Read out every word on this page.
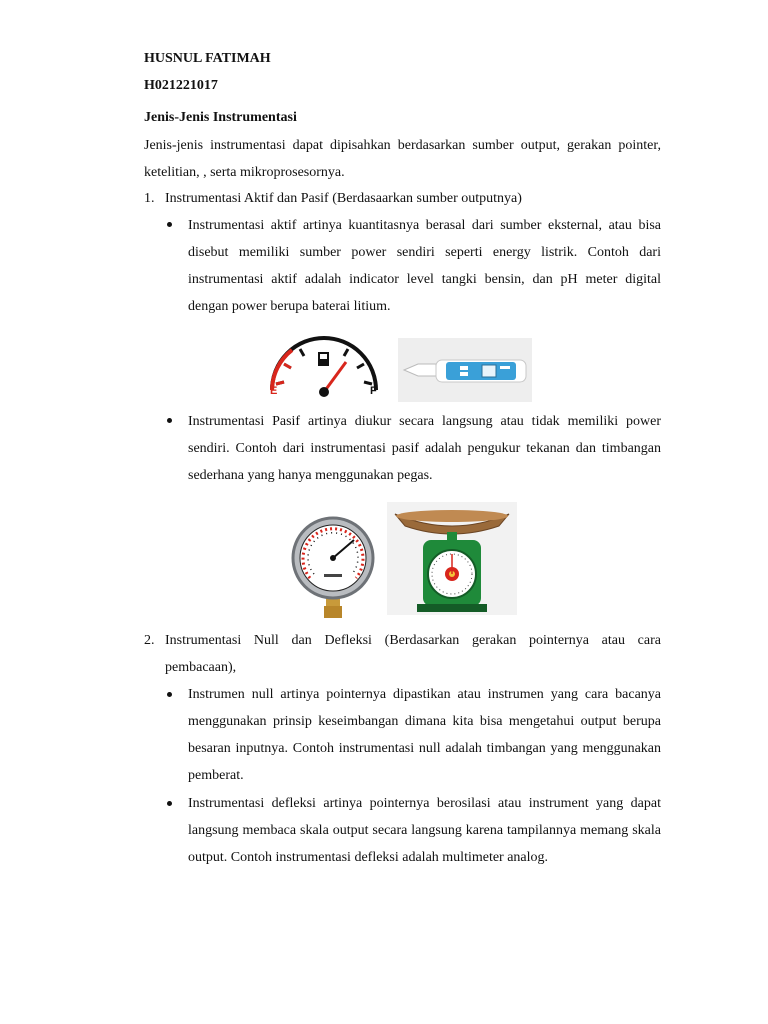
HUSNUL FATIMAH
H021221017
Jenis-Jenis Instrumentasi
Jenis-jenis instrumentasi dapat dipisahkan berdasarkan sumber output, gerakan pointer, ketelitian, , serta mikroprosesornya.
1. Instrumentasi Aktif dan Pasif (Berdasaarkan sumber outputnya)
Instrumentasi aktif artinya kuantitasnya berasal dari sumber eksternal, atau bisa disebut memiliki sumber power sendiri seperti energy listrik. Contoh dari instrumentasi aktif adalah indicator level tangki bensin, dan pH meter digital dengan power berupa baterai litium.
E	F
Instrumentasi Pasif artinya diukur secara langsung atau tidak memiliki power sendiri. Contoh dari instrumentasi pasif adalah pengukur tekanan dan timbangan sederhana yang hanya menggunakan pegas.
2. Instrumentasi Null dan Defleksi (Berdasarkan gerakan pointernya atau cara pembacaan),
Instrumen null artinya pointernya dipastikan atau instrumen yang cara bacanya menggunakan prinsip keseimbangan dimana kita bisa mengetahui output berupa besaran inputnya. Contoh instrumentasi null adalah timbangan yang menggunakan pemberat.
Instrumentasi defleksi artinya pointernya berosilasi atau instrument yang dapat langsung membaca skala output secara langsung karena tampilannya memang skala output. Contoh instrumentasi defleksi adalah multimeter analog.
